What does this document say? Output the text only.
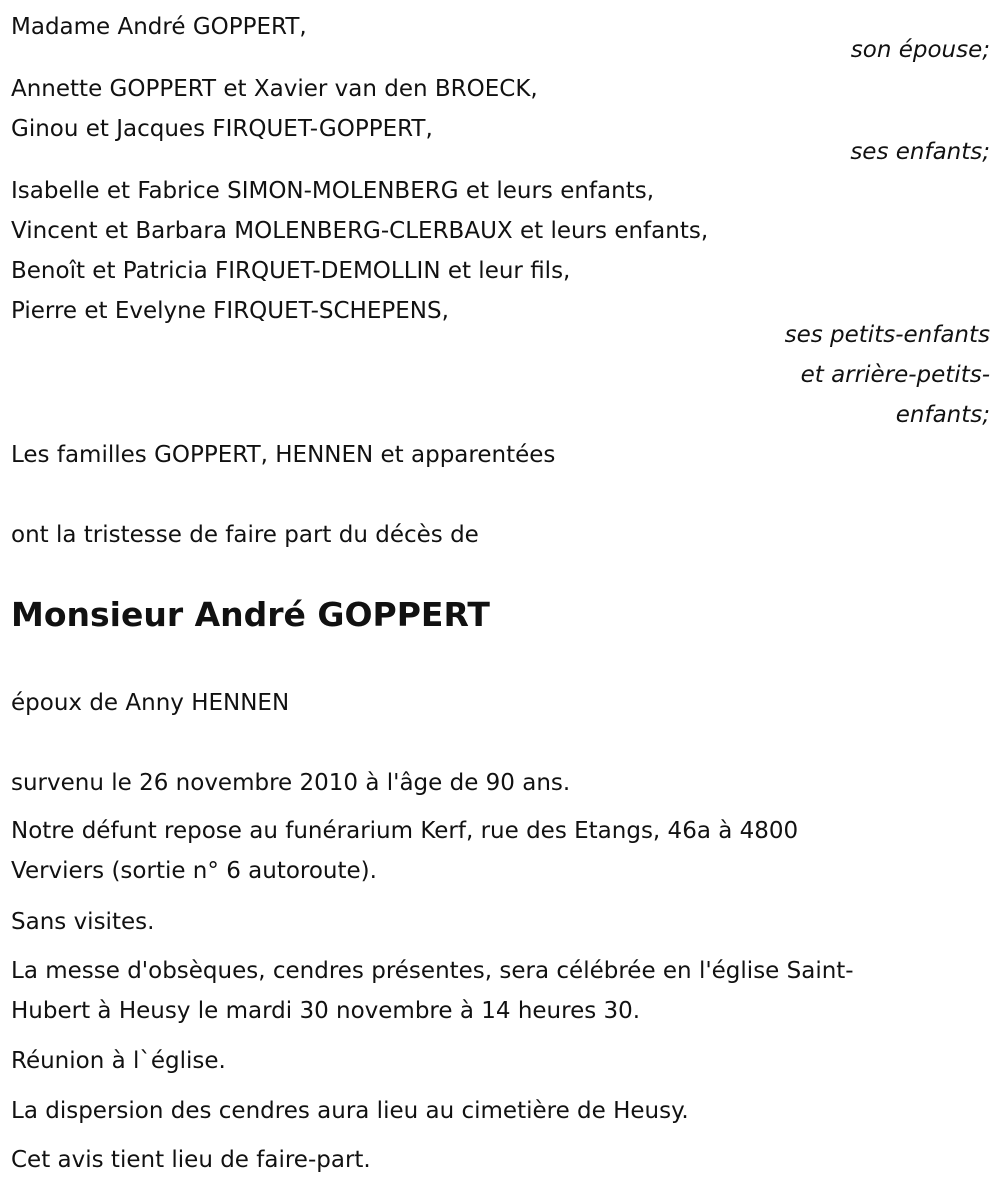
Madame André GOPPERT,
son épouse;
Annette GOPPERT et Xavier van den BROECK,
Ginou et Jacques FIRQUET-GOPPERT,
ses enfants;
Isabelle et Fabrice SIMON-MOLENBERG et leurs enfants,
Vincent et Barbara MOLENBERG-CLERBAUX et leurs enfants,
Benoît et Patricia FIRQUET-DEMOLLIN et leur fils,
Pierre et Evelyne FIRQUET-SCHEPENS,
ses petits-enfants
et arrière-petits-
enfants;
Les familles GOPPERT, HENNEN et apparentées
ont la tristesse de faire part du décès de
Monsieur André GOPPERT
époux de Anny HENNEN
survenu le 26 novembre 2010 à l'âge de 90 ans.
Notre défunt repose au funérarium Kerf, rue des Etangs, 46a à 4800
Verviers (sortie n° 6 autoroute).
Sans visites.
La messe d'obsèques, cendres présentes, sera célébrée en l'église Saint-
Hubert à Heusy le mardi 30 novembre à 14 heures 30.
Réunion à l`église.
La dispersion des cendres aura lieu au cimetière de Heusy.
Cet avis tient lieu de faire-part.
